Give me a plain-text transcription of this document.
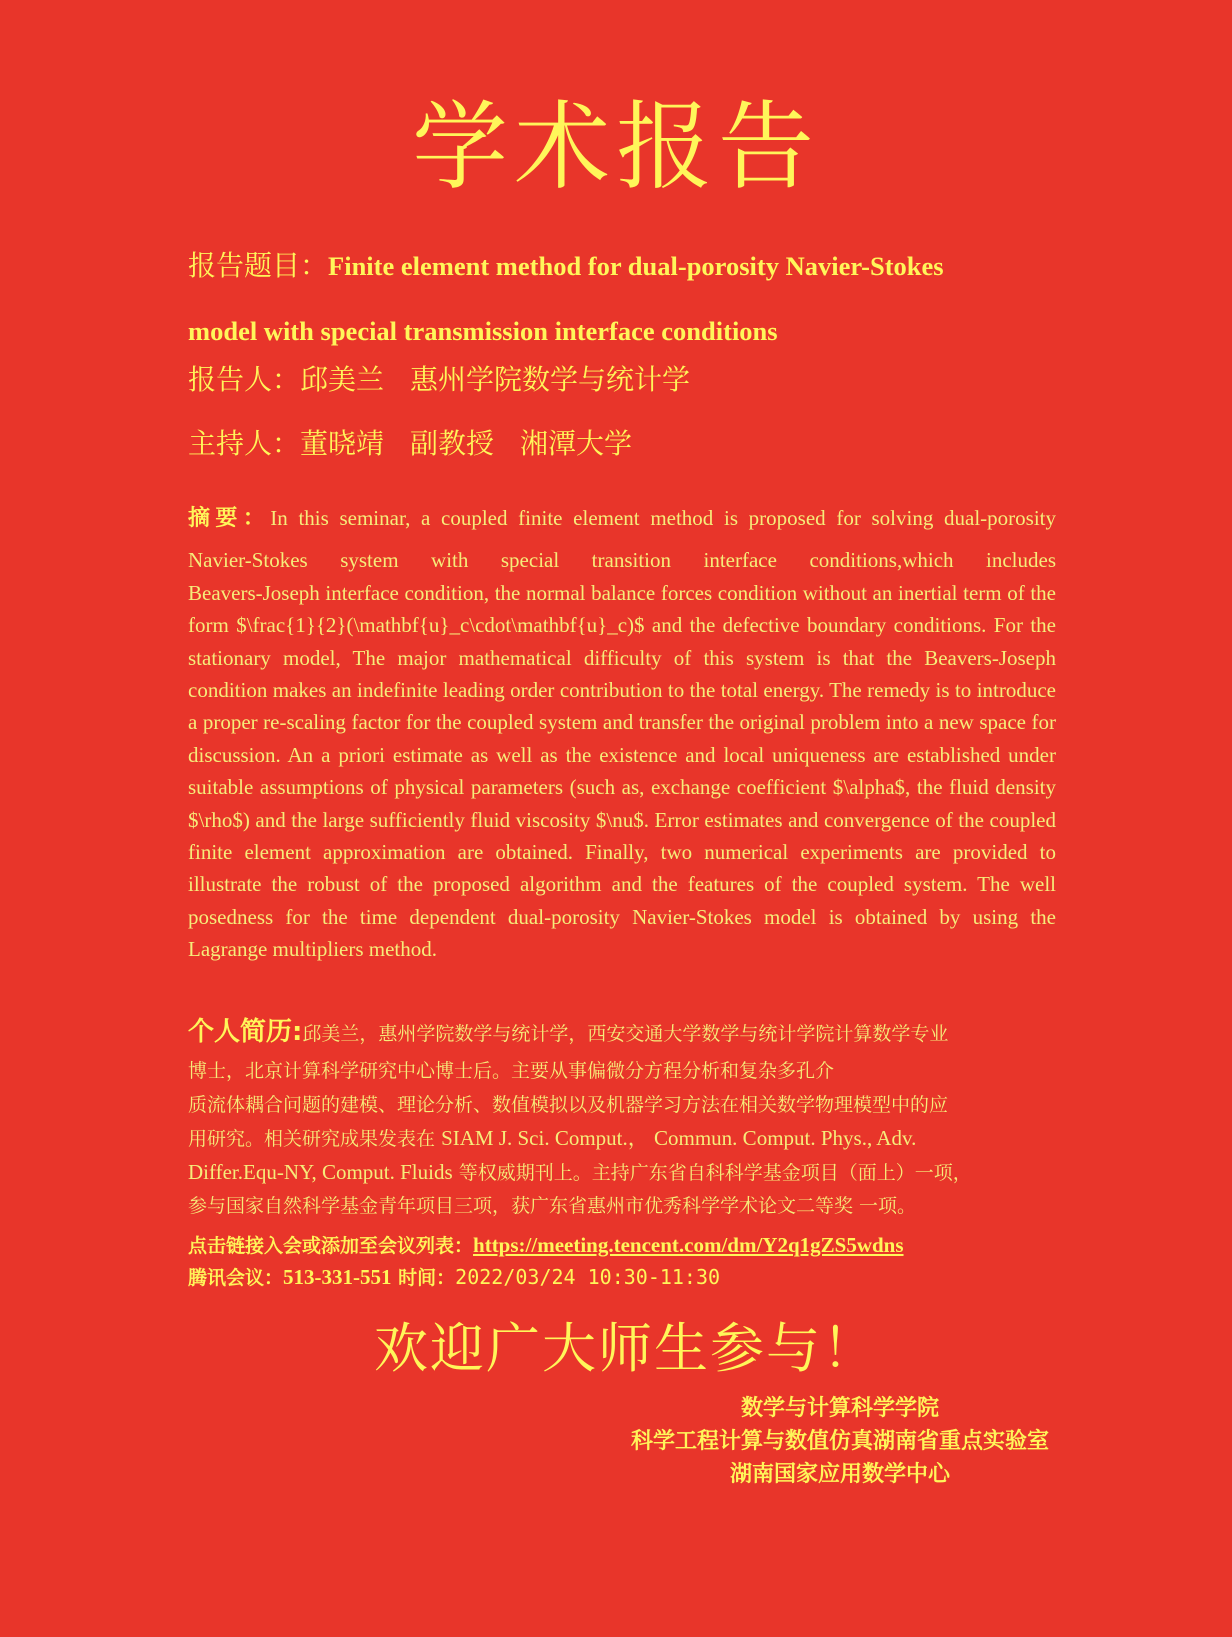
学术报告
报告题目：Finite element method for dual-porosity Navier-Stokes
model with special transmission interface conditions
报告人：邱美兰 惠州学院数学与统计学
主持人：董晓靖 副教授 湘潭大学
摘要：In this seminar, a coupled finite element method is proposed for solving dual-porosity
Navier-Stokes system with special transition interface conditions,which includes
Beavers-Joseph interface condition, the normal balance forces condition without an inertial term of the form $\frac{1}{2}(\mathbf{u}_c\cdot\mathbf{u}_c)$ and the defective boundary conditions. For the stationary model, The major mathematical difficulty of this system is that the Beavers-Joseph condition makes an indefinite leading order contribution to the total energy. The remedy is to introduce a proper re-scaling factor for the coupled system and transfer the original problem into a new space for discussion. An a priori estimate as well as the existence and local uniqueness are established under suitable assumptions of physical parameters (such as, exchange coefficient $\alpha$, the fluid density $\rho$) and the large sufficiently fluid viscosity $\nu$. Error estimates and convergence of the coupled finite element approximation are obtained. Finally, two numerical experiments are provided to illustrate the robust of the proposed algorithm and the features of the coupled system. The well posedness for the time dependent dual-porosity Navier-Stokes model is obtained by using the Lagrange multipliers method.
个人简历:邱美兰，惠州学院数学与统计学，西安交通大学数学与统计学院计算数学专业
博士，北京计算科学研究中心博士后。主要从事偏微分方程分析和复杂多孔介
质流体耦合问题的建模、理论分析、数值模拟以及机器学习方法在相关数学物理模型中的应
用研究。相关研究成果发表在 SIAM J. Sci. Comput.， Commun. Comput. Phys., Adv.
Differ.Equ-NY, Comput. Fluids 等权威期刊上。主持广东省自科科学基金项目（面上）一项，
参与国家自然科学基金青年项目三项，获广东省惠州市优秀科学学术论文二等奖 一项。
点击链接入会或添加至会议列表：https://meeting.tencent.com/dm/Y2q1gZS5wdns
腾讯会议：513-331-551 时间：2022/03/24 10:30-11:30
欢迎广大师生参与！
数学与计算科学学院
科学工程计算与数值仿真湖南省重点实验室
湖南国家应用数学中心
